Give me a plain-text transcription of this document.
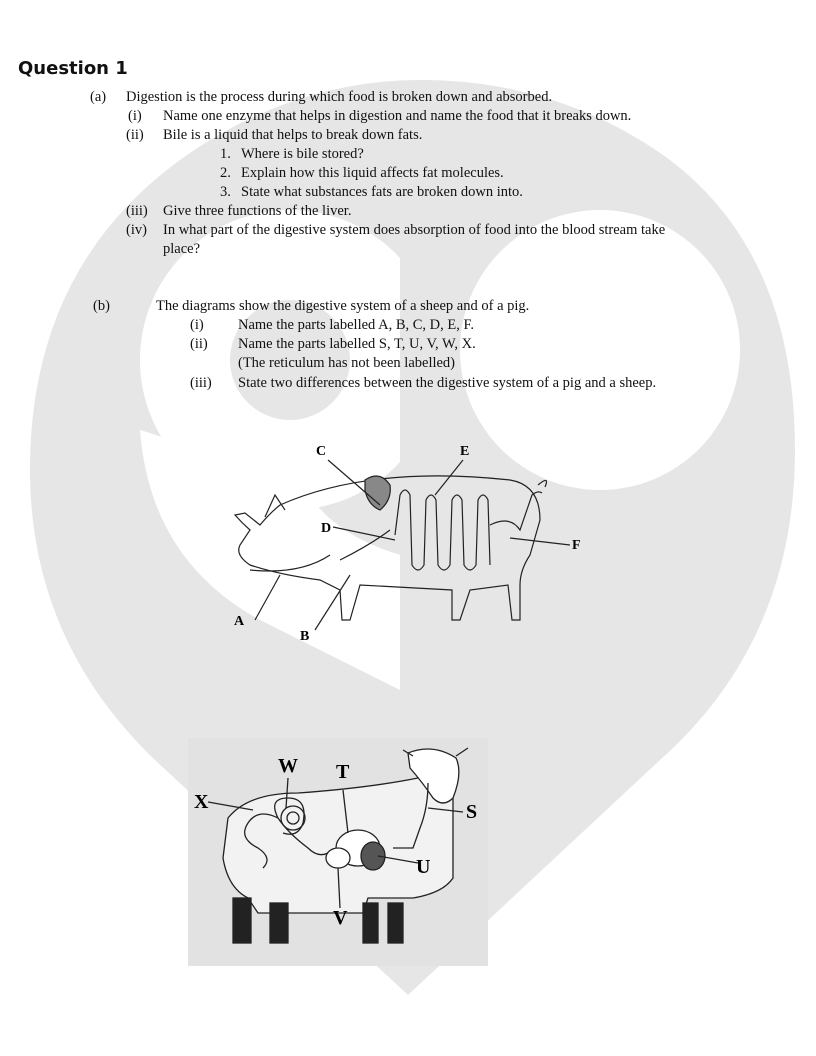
Question 1
(a) Digestion is the process during which food is broken down and absorbed.
(i) Name one enzyme that helps in digestion and name the food that it breaks down.
(ii) Bile is a liquid that helps to break down fats.
1. Where is bile stored?
2. Explain how this liquid affects fat molecules.
3. State what substances fats are broken down into.
(iii) Give three functions of the liver.
(iv) In what part of the digestive system does absorption of food into the blood stream take
place?
(b)	The diagrams show the digestive system of a sheep and of a pig.
(i) Name the parts labelled A, B, C, D, E, F.
(ii) Name the parts labelled S, T, U, V, W, X.
(The reticulum has not been labelled)
(iii) State two differences between the digestive system of a pig and a sheep.
C	E
D
F
A
B
W T
X	S
U
V
